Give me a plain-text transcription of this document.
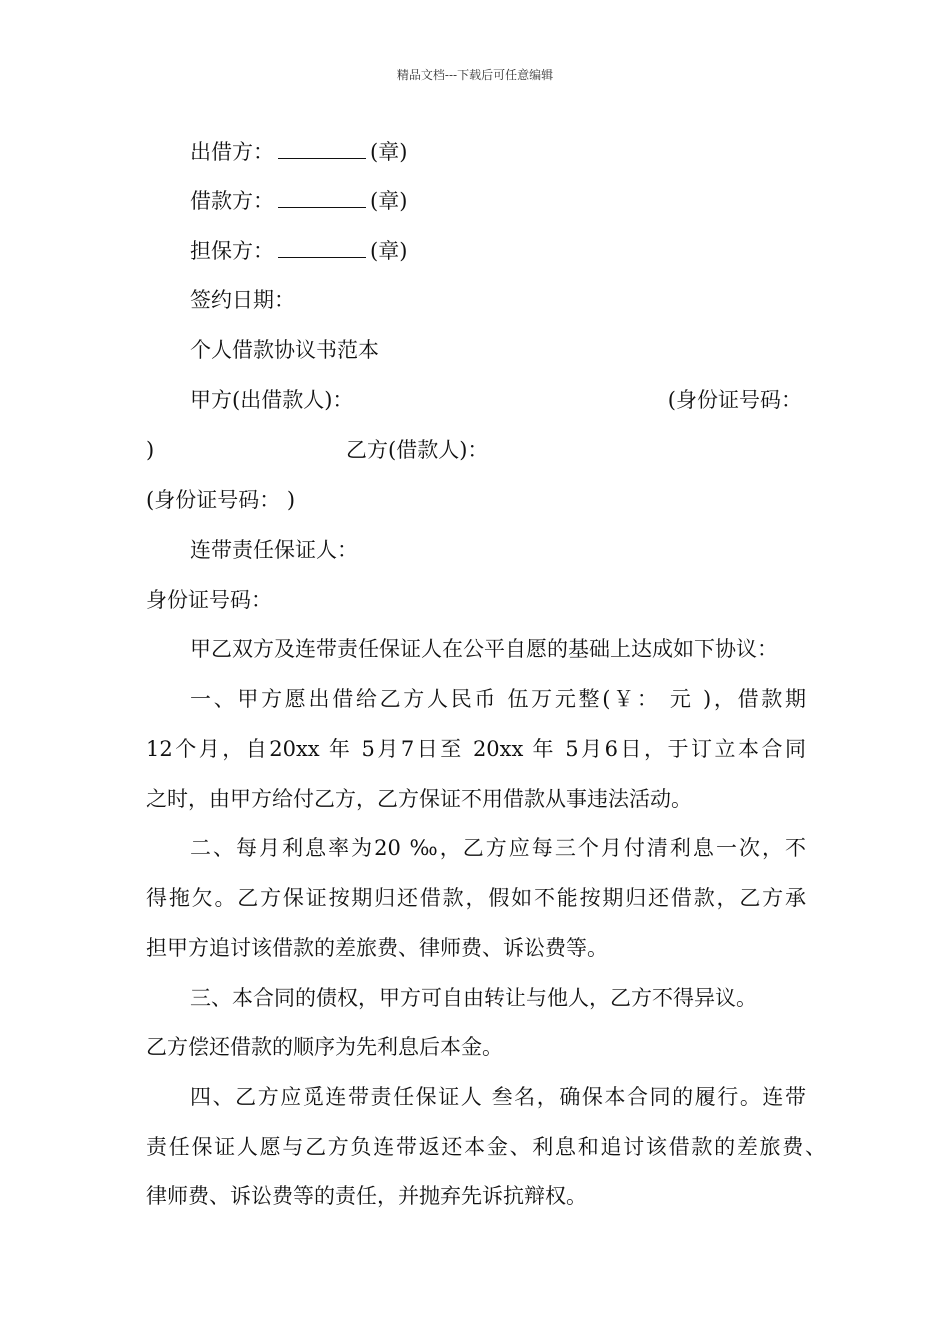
精品文档---下载后可任意编辑
出借方：	(章)
借款方：	(章)
担保方：	(章)
签约日期：
个人借款协议书范本
甲方(出借款人)：	(身份证号码：
)	乙方(借款人)：
(身份证号码： )
连带责任保证人：
身份证号码：
甲乙双方及连带责任保证人在公平自愿的基础上达成如下协议：
一、甲方愿出借给乙方人民币 伍万元整(￥： 元 )，借款期
12个月，自20xx 年 5月7日至 20xx 年 5月6日，于订立本合同
之时，由甲方给付乙方，乙方保证不用借款从事违法活动。
二、每月利息率为20 ‰，乙方应每三个月付清利息一次，不
得拖欠。乙方保证按期归还借款，假如不能按期归还借款，乙方承
担甲方追讨该借款的差旅费、律师费、诉讼费等。
三、本合同的债权，甲方可自由转让与他人，乙方不得异议。
乙方偿还借款的顺序为先利息后本金。
四、乙方应觅连带责任保证人 叁名，确保本合同的履行。连带
责任保证人愿与乙方负连带返还本金、利息和追讨该借款的差旅费、
律师费、诉讼费等的责任，并抛弃先诉抗辩权。
